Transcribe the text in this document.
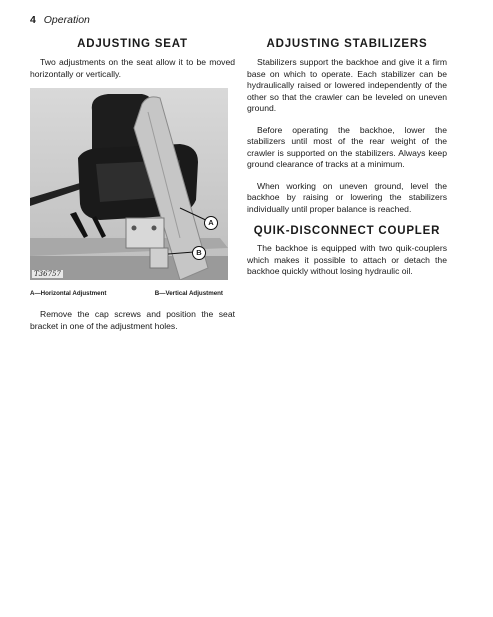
4 Operation
ADJUSTING SEAT

Two adjustments on the seat allow it to be moved horizontally or vertically.

A
B
T36757
A—Horizontal Adjustment	B—Vertical Adjustment

Remove the cap screws and position the seat bracket in one of the adjustment holes.

ADJUSTING STABILIZERS

Stabilizers support the backhoe and give it a firm base on which to operate. Each stabilizer can be hydraulically raised or lowered independently of the other so that the crawler can be leveled on uneven ground.

Before operating the backhoe, lower the stabilizers until most of the rear weight of the crawler is supported on the stabilizers. Always keep ground clearance of tracks at a minimum.

When working on uneven ground, level the backhoe by raising or lowering the stabilizers individually until proper balance is reached.

QUIK-DISCONNECT COUPLER

The backhoe is equipped with two quik-couplers which makes it possible to attach or detach the backhoe quickly without losing hydraulic oil.
